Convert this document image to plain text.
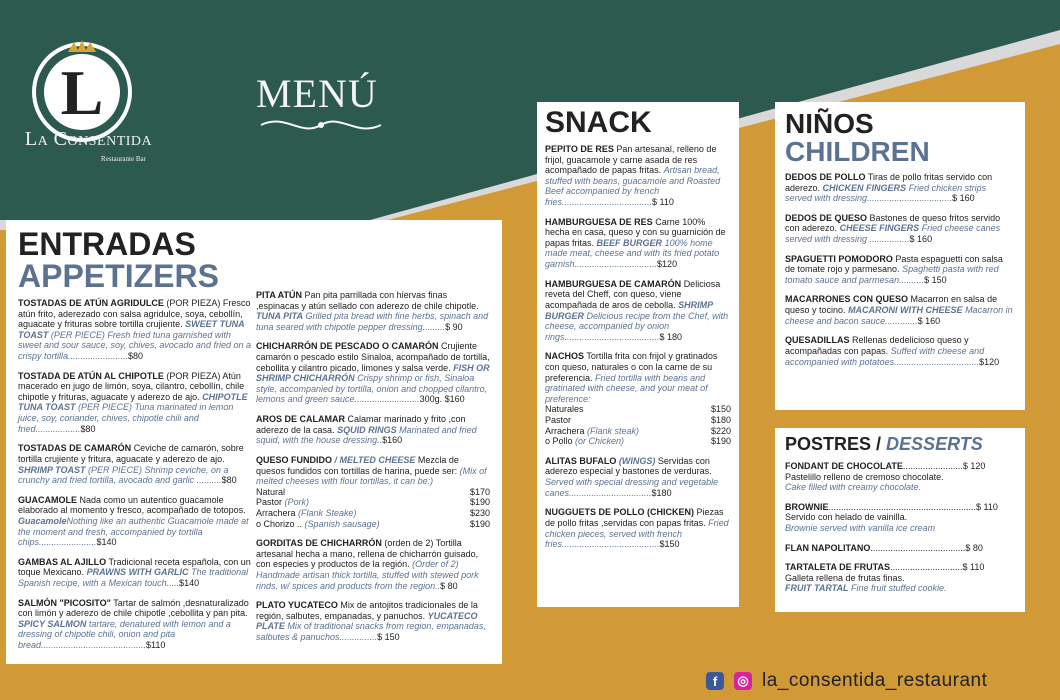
L
La Consentida
Restaurante Bar
MENÚ
ENTRADAS
APPETIZERS
TOSTADAS DE ATÚN AGRIDULCE (POR PIEZA) Fresco atún frito, aderezado con salsa agridulce, soya, cebollín, aguacate y frituras sobre tortilla crujiente. SWEET TUNA TOAST (PER PIECE) Fresh fried tuna garnished with sweet and sour sauce, soy, chives, avocado and fried on a crispy tortilla........................$80
TOSTADA DE ATÚN AL CHIPOTLE (POR PIEZA) Atún macerado en jugo de limón, soya, cilantro, cebollín, chile chipotle y frituras, aguacate y aderezo de ajo. CHIPOTLE TUNA TOAST (PER PIECE) Tuna marinated in lemon juice, soy, coriander, chives, chipotle chili and fried..................$80
TOSTADAS DE CAMARÓN Ceviche de camarón, sobre tortilla crujiente y fritura, aguacate y aderezo de ajo. SHRIMP TOAST (PER PIECE) Shrimp ceviche, on a crunchy and fried tortilla, avocado and garlic ..........$80
GUACAMOLE Nada como un autentico guacamole elaborado al momento y fresco, acompañado de totopos. GuacamoleNothing like an authentic Guacamole made at the moment and fresh, accompanied by tortilla chips.......................$140
GAMBAS AL AJILLO Tradicional receta española, con un toque Mexicano. PRAWNS WITH GARLIC The traditional Spanish recipe, with a Mexican touch.....$140
SALMÓN "PICOSITO" Tartar de salmón ,desnaturalizado con limón y aderezo de chile chipotle ,cebollita y pan pita. SPICY SALMON tartare, denatured with lemon and a dressing of chipotle chili, onion and pita bread..........................................$110
PITA ATÚN Pan pita parrillada con hiervas finas ,espinacas y atún sellado con aderezo de chile chipotle. TUNA PITA Grilled pita bread with fine herbs, spinach and tuna seared with chipotle pepper dressing.........$ 90
CHICHARRÓN DE PESCADO O CAMARÓN Crujiente camarón o pescado estilo Sinaloa, acompañado de tortilla, cebollita y cilantro picado, limones y salsa verde. FISH OR SHRIMP CHICHARRÓN Crispy shrimp or fish, Sinaloa style, accompanied by tortilla, onion and chopped cilantro, lemons and green sauce..........................300g. $160
AROS DE CALAMAR Calamar marinado y frito ,con aderezo de la casa. SQUID RINGS Marinated and fried squid, with the house dressing..$160
QUESO FUNDIDO / MELTED CHEESE Mezcla de quesos fundidos con tortillas de harina, puede ser: (Mix of melted cheeses with flour tortillas, it can be:)
Natural	$170
Pastor (Pork)	$190
Arrachera (Flank Steake)	$230
o Chorizo .. (Spanish sausage)	$190
GORDITAS DE CHICHARRÓN (orden de 2) Tortilla artesanal hecha a mano, rellena de chicharrón guisado, con especies y productos de la región. (Order of 2) Handmade artisan thick tortilla, stuffed with stewed pork rinds, w/ spices and products from the region..$ 80
PLATO YUCATECO Mix de antojitos tradicionales de la región, salbutes, empanadas, y panuchos. YUCATECO PLATE Mix of traditional snacks from region, empanadas, salbutes & panuchos...............$ 150
SNACK
PEPITO DE RES Pan artesanal, relleno de frijol, guacamole y carne asada de res acompañado de papas fritas. Artisan bread, stuffed with beans, guacamole and Roasted Beef accompanied by french fries....................................$ 110
HAMBURGUESA DE RES Carne 100% hecha en casa, queso y con su guarnición de papas fritas. BEEF BURGER 100% home made meat, cheese and with its fried potato garnish.................................$120
HAMBURGUESA DE CAMARÓN Deliciosa reveta del Cheff, con queso, viene acompañada de aros de cebolla. SHRIMP BURGER Delicious recipe from the Chef, with cheese, accompanied by onion rings......................................$ 180
NACHOS Tortilla frita con frijol y gratinados con queso, naturales o con la carne de su preferencia. Fried tortilla with beans and gratinated with cheese, and your meat of preference:
Naturales	$150
Pastor	$180
Arrachera (Flank steak)	$220
o Pollo (or Chicken)	$190
ALITAS BUFALO (WINGS) Servidas con aderezo especial y bastones de verduras. Served with special dressing and vegetable canes.................................$180
NUGGUETS DE POLLO (CHICKEN) Piezas de pollo fritas ,servidas con papas fritas. Fried chicken pieces, served with french fries.......................................$150
NIÑOS
CHILDREN
DEDOS DE POLLO Tiras de pollo fritas servido con aderezo. CHICKEN FINGERS Fried chicken strips served with dressing..................................$ 160
DEDOS DE QUESO Bastones de queso fritos servido con aderezo. CHEESE FINGERS Fried cheese canes served with dressing ................$ 160
SPAGUETTI POMODORO Pasta espaguetti con salsa de tomate rojo y parmesano. Spaghetti pasta with red tomato sauce and parmesan..........$ 150
MACARRONES CON QUESO Macarron en salsa de queso y tocino. MACARONI WITH CHEESE Macarron in cheese and bacon sauce.............$ 160
QUESADILLAS Rellenas dedelicioso queso y acompañadas con papas. Suffed with cheese and accompanied with potatoes..................................$120
POSTRES / DESSERTS
FONDANT DE CHOCOLATE........................$ 120
Pastelillo relleno de cremoso chocolate.
Cake filled with creamy chocolate.
BROWNIE...........................................................$ 110
Servido con helado de vainilla.
Brownie served with vanilla ice cream
FLAN NAPOLITANO......................................$ 80
TARTALETA DE FRUTAS.............................$ 110
Galleta rellena de frutas finas.
FRUIT TARTAL Fine fruit stuffed cookie.
f	◎ la_consentida_restaurant
